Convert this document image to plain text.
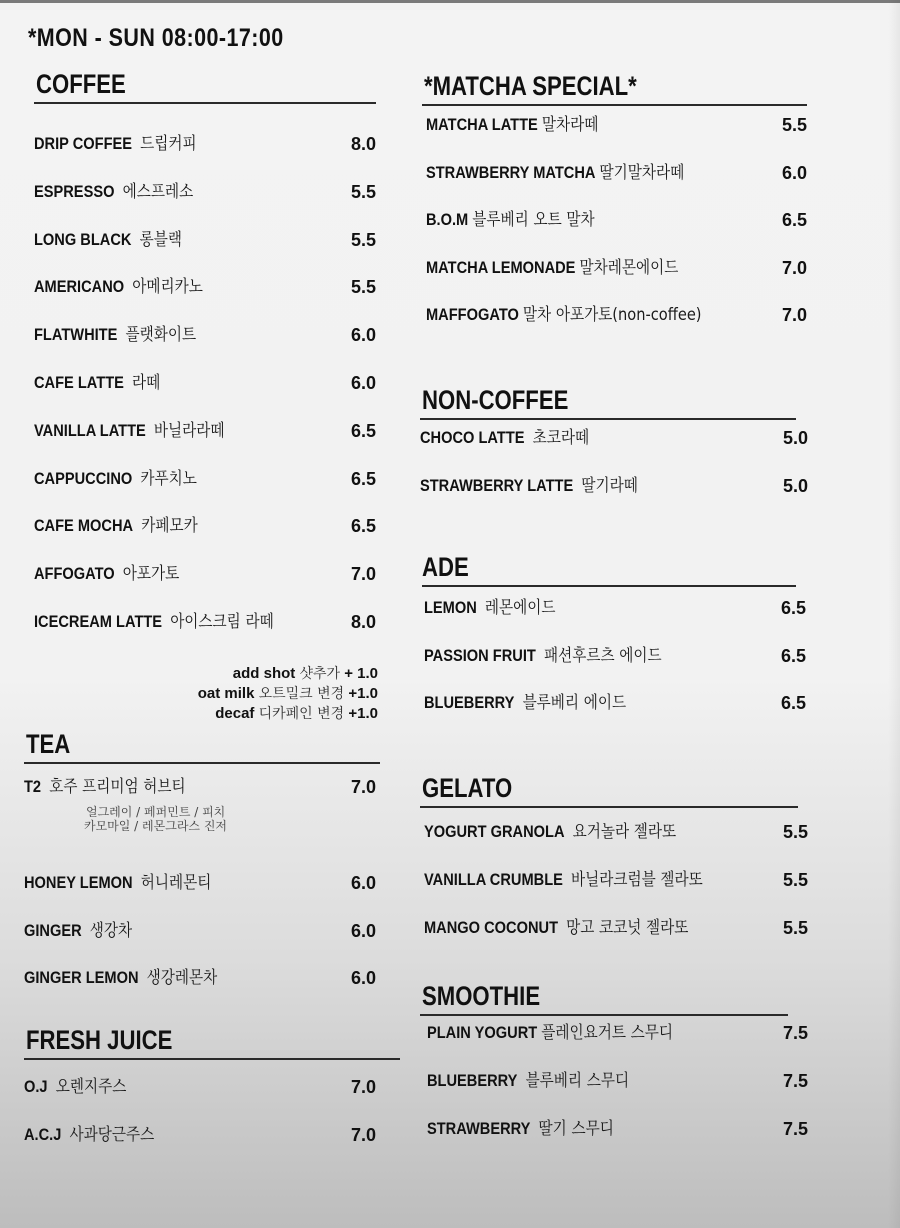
*MON - SUN 08:00-17:00
COFFEE
DRIP COFFEE 드립커피	8.0
ESPRESSO 에스프레소	5.5
LONG BLACK 롱블랙	5.5
AMERICANO 아메리카노	5.5
FLATWHITE 플랫화이트	6.0
CAFE LATTE 라떼	6.0
VANILLA LATTE 바닐라라떼	6.5
CAPPUCCINO 카푸치노	6.5
CAFE MOCHA 카페모카	6.5
AFFOGATO 아포가토	7.0
ICECREAM LATTE 아이스크림 라떼	8.0
add shot 샷추가 + 1.0
oat milk 오트밀크 변경 +1.0
decaf 디카페인 변경 +1.0
TEA
T2 호주 프리미엄 허브티	7.0
얼그레이 / 페퍼민트 / 피치
카모마일 / 레몬그라스 진저
HONEY LEMON 허니레몬티	6.0
GINGER 생강차	6.0
GINGER LEMON 생강레몬차	6.0
FRESH JUICE
O.J 오렌지주스	7.0
A.C.J 사과당근주스	7.0
*MATCHA SPECIAL*
MATCHA LATTE 말차라떼	5.5
STRAWBERRY MATCHA 딸기말차라떼	6.0
B.O.M 블루베리 오트 말차	6.5
MATCHA LEMONADE 말차레몬에이드	7.0
MAFFOGATO 말차 아포가토(non-coffee)	7.0
NON-COFFEE
CHOCO LATTE 초코라떼	5.0
STRAWBERRY LATTE 딸기라떼	5.0
ADE
LEMON 레몬에이드	6.5
PASSION FRUIT 패션후르츠 에이드	6.5
BLUEBERRY 블루베리 에이드	6.5
GELATO
YOGURT GRANOLA 요거놀라 젤라또	5.5
VANILLA CRUMBLE 바닐라크럼블 젤라또	5.5
MANGO COCONUT 망고 코코넛 젤라또	5.5
SMOOTHIE
PLAIN YOGURT 플레인요거트 스무디	7.5
BLUEBERRY 블루베리 스무디	7.5
STRAWBERRY 딸기 스무디	7.5
